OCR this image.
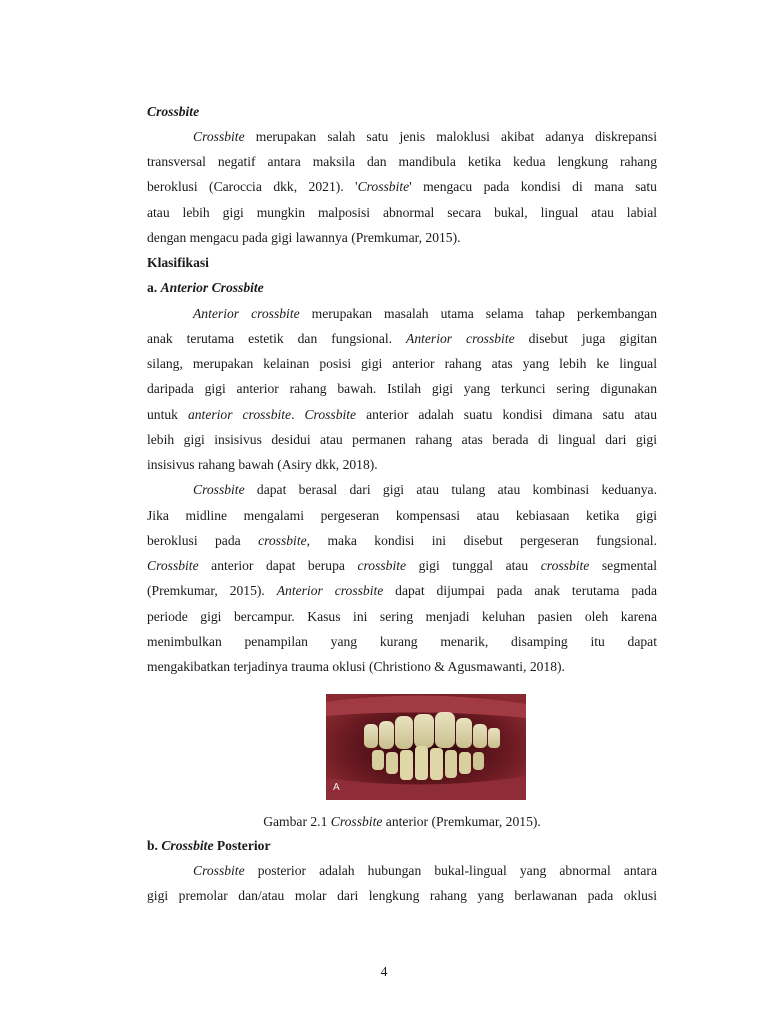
Crossbite
Crossbite merupakan salah satu jenis maloklusi akibat adanya diskrepansi
transversal negatif antara maksila dan mandibula ketika kedua lengkung rahang
beroklusi (Caroccia dkk, 2021). 'Crossbite' mengacu pada kondisi di mana satu
atau lebih gigi mungkin malposisi abnormal secara bukal, lingual atau labial
dengan mengacu pada gigi lawannya (Premkumar, 2015).
Klasifikasi
a. Anterior Crossbite
Anterior crossbite merupakan masalah utama selama tahap perkembangan
anak terutama estetik dan fungsional. Anterior crossbite disebut juga gigitan
silang, merupakan kelainan posisi gigi anterior rahang atas yang lebih ke lingual
daripada gigi anterior rahang bawah. Istilah gigi yang terkunci sering digunakan
untuk anterior crossbite. Crossbite anterior adalah suatu kondisi dimana satu atau
lebih gigi insisivus desidui atau permanen rahang atas berada di lingual dari gigi
insisivus rahang bawah (Asiry dkk, 2018).
Crossbite dapat berasal dari gigi atau tulang atau kombinasi keduanya.
Jika midline mengalami pergeseran kompensasi atau kebiasaan ketika gigi
beroklusi pada crossbite, maka kondisi ini disebut pergeseran fungsional.
Crossbite anterior dapat berupa crossbite gigi tunggal atau crossbite segmental
(Premkumar, 2015). Anterior crossbite dapat dijumpai pada anak terutama pada
periode gigi bercampur. Kasus ini sering menjadi keluhan pasien oleh karena
menimbulkan penampilan yang kurang menarik, disamping itu dapat
mengakibatkan terjadinya trauma oklusi (Christiono & Agusmawanti, 2018).
A
Gambar 2.1 Crossbite anterior (Premkumar, 2015).
b. Crossbite Posterior
Crossbite posterior adalah hubungan bukal-lingual yang abnormal antara
gigi premolar dan/atau molar dari lengkung rahang yang berlawanan pada oklusi
4
